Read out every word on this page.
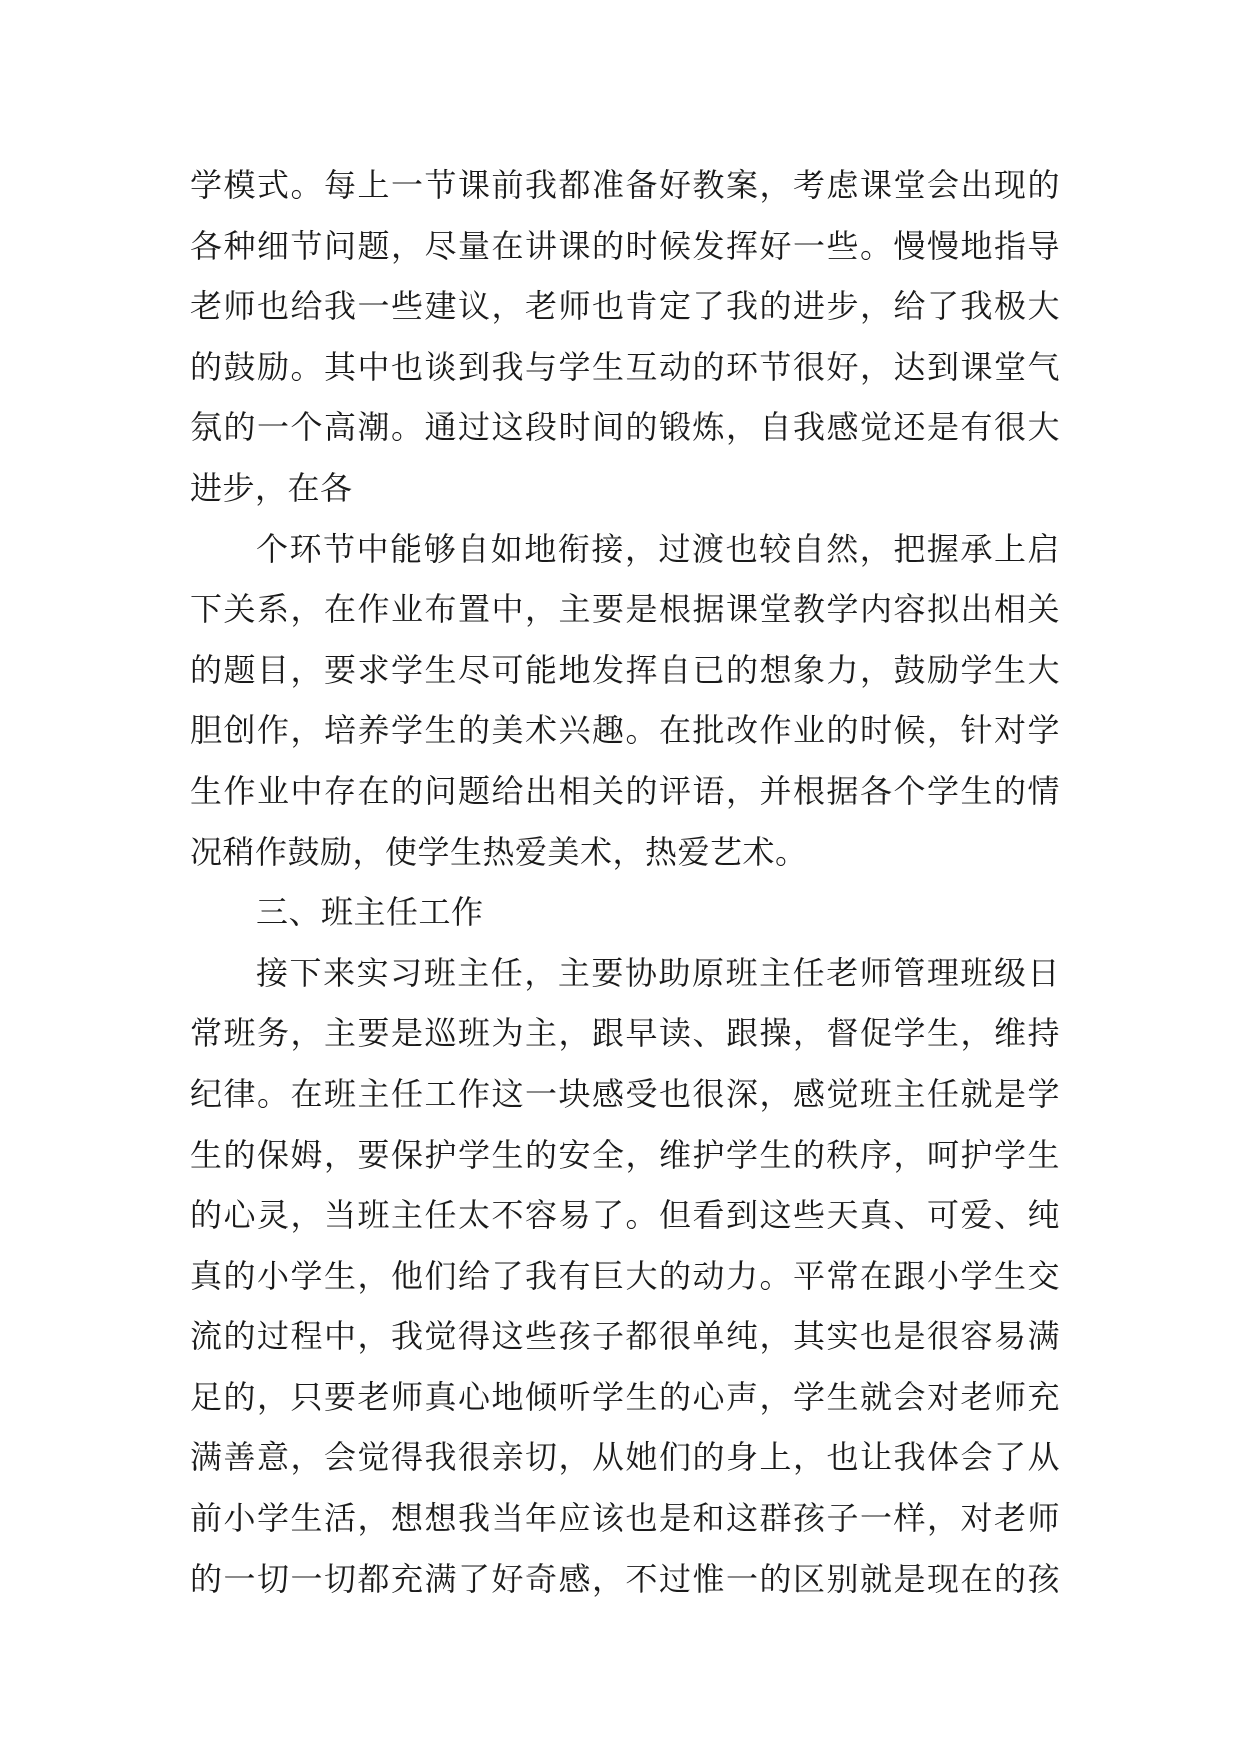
学模式。每上一节课前我都准备好教案，考虑课堂会出现的
各种细节问题，尽量在讲课的时候发挥好一些。慢慢地指导
老师也给我一些建议，老师也肯定了我的进步，给了我极大
的鼓励。其中也谈到我与学生互动的环节很好，达到课堂气
氛的一个高潮。通过这段时间的锻炼，自我感觉还是有很大
进步，在各
个环节中能够自如地衔接，过渡也较自然，把握承上启
下关系，在作业布置中，主要是根据课堂教学内容拟出相关
的题目，要求学生尽可能地发挥自已的想象力，鼓励学生大
胆创作，培养学生的美术兴趣。在批改作业的时候，针对学
生作业中存在的问题给出相关的评语，并根据各个学生的情
况稍作鼓励，使学生热爱美术，热爱艺术。
三、班主任工作
接下来实习班主任，主要协助原班主任老师管理班级日
常班务，主要是巡班为主，跟早读、跟操，督促学生，维持
纪律。在班主任工作这一块感受也很深，感觉班主任就是学
生的保姆，要保护学生的安全，维护学生的秩序，呵护学生
的心灵，当班主任太不容易了。但看到这些天真、可爱、纯
真的小学生，他们给了我有巨大的动力。平常在跟小学生交
流的过程中，我觉得这些孩子都很单纯，其实也是很容易满
足的，只要老师真心地倾听学生的心声，学生就会对老师充
满善意，会觉得我很亲切，从她们的身上，也让我体会了从
前小学生活，想想我当年应该也是和这群孩子一样，对老师
的一切一切都充满了好奇感，不过惟一的区别就是现在的孩
